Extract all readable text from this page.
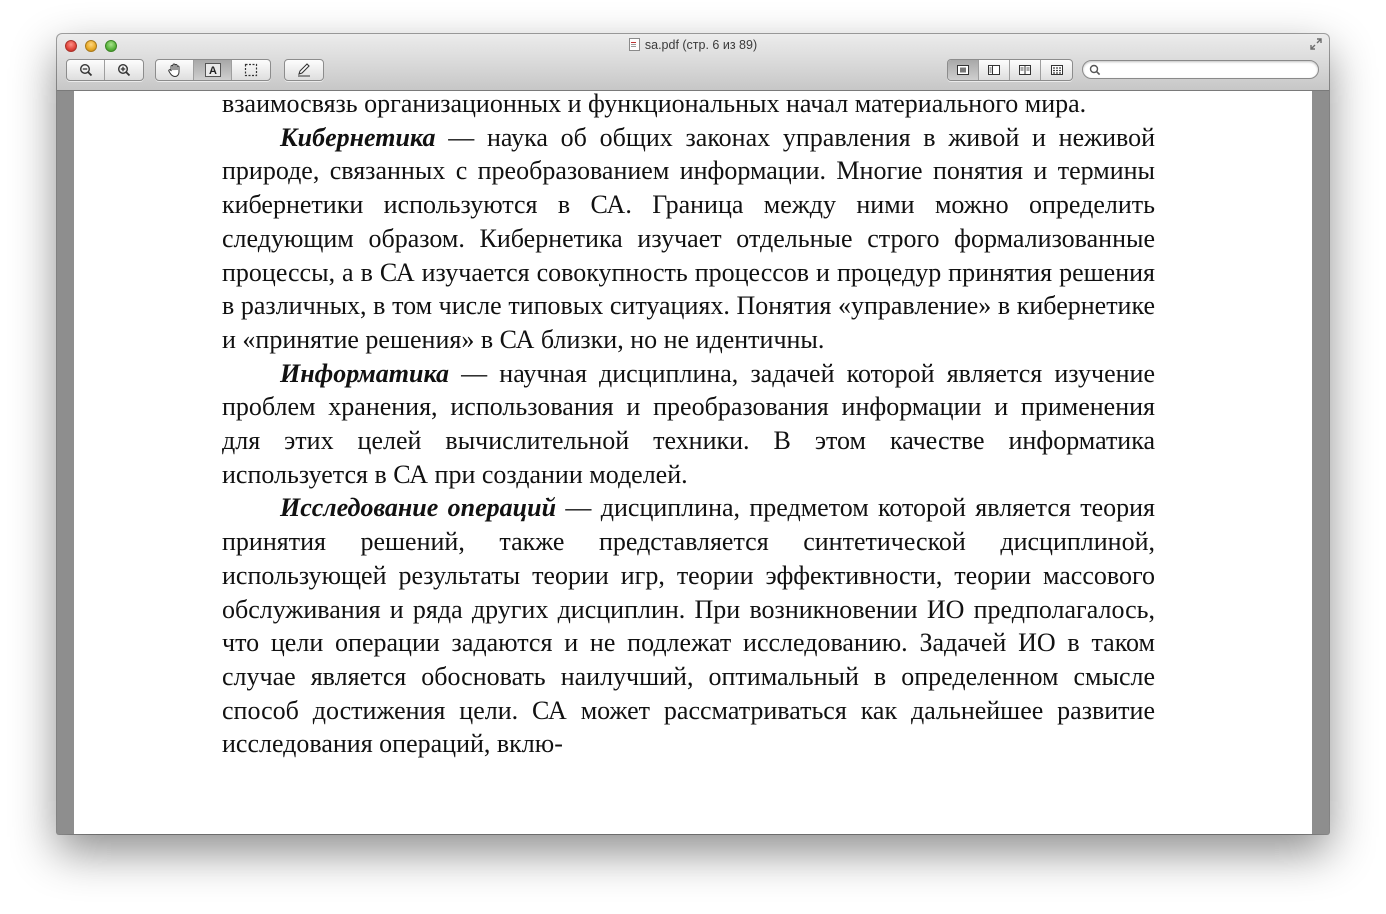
sa.pdf (стр. 6 из 89)
A

взаимосвязь организационных и функциональных начал материального мира.

Кибернетика — наука об общих законах управления в живой и неживой природе, связанных с преобразованием информации. Многие понятия и термины кибернетики используются в СА. Граница между ними можно определить следующим образом. Кибернетика изучает отдельные строго формализованные процессы, а в СА изучается совокупность процессов и процедур принятия решения в различных, в том числе типовых ситуациях. Понятия «управление» в кибернетике и «принятие решения» в СА близки, но не идентичны.

Информатика — научная дисциплина, задачей которой является изучение проблем хранения, использования и преобразования информации и применения для этих целей вычислительной техники. В этом качестве информатика используется в СА при создании моделей.

Исследование операций — дисциплина, предметом которой является теория принятия решений, также представляется синтетической дисциплиной, использующей результаты теории игр, теории эффективности, теории массового обслуживания и ряда других дисциплин. При возникновении ИО предполагалось, что цели операции задаются и не подлежат исследованию. Задачей ИО в таком случае является обосновать наилучший, оптимальный в определенном смысле способ достижения цели. СА может рассматриваться как дальнейшее развитие исследования операций, вклю-
